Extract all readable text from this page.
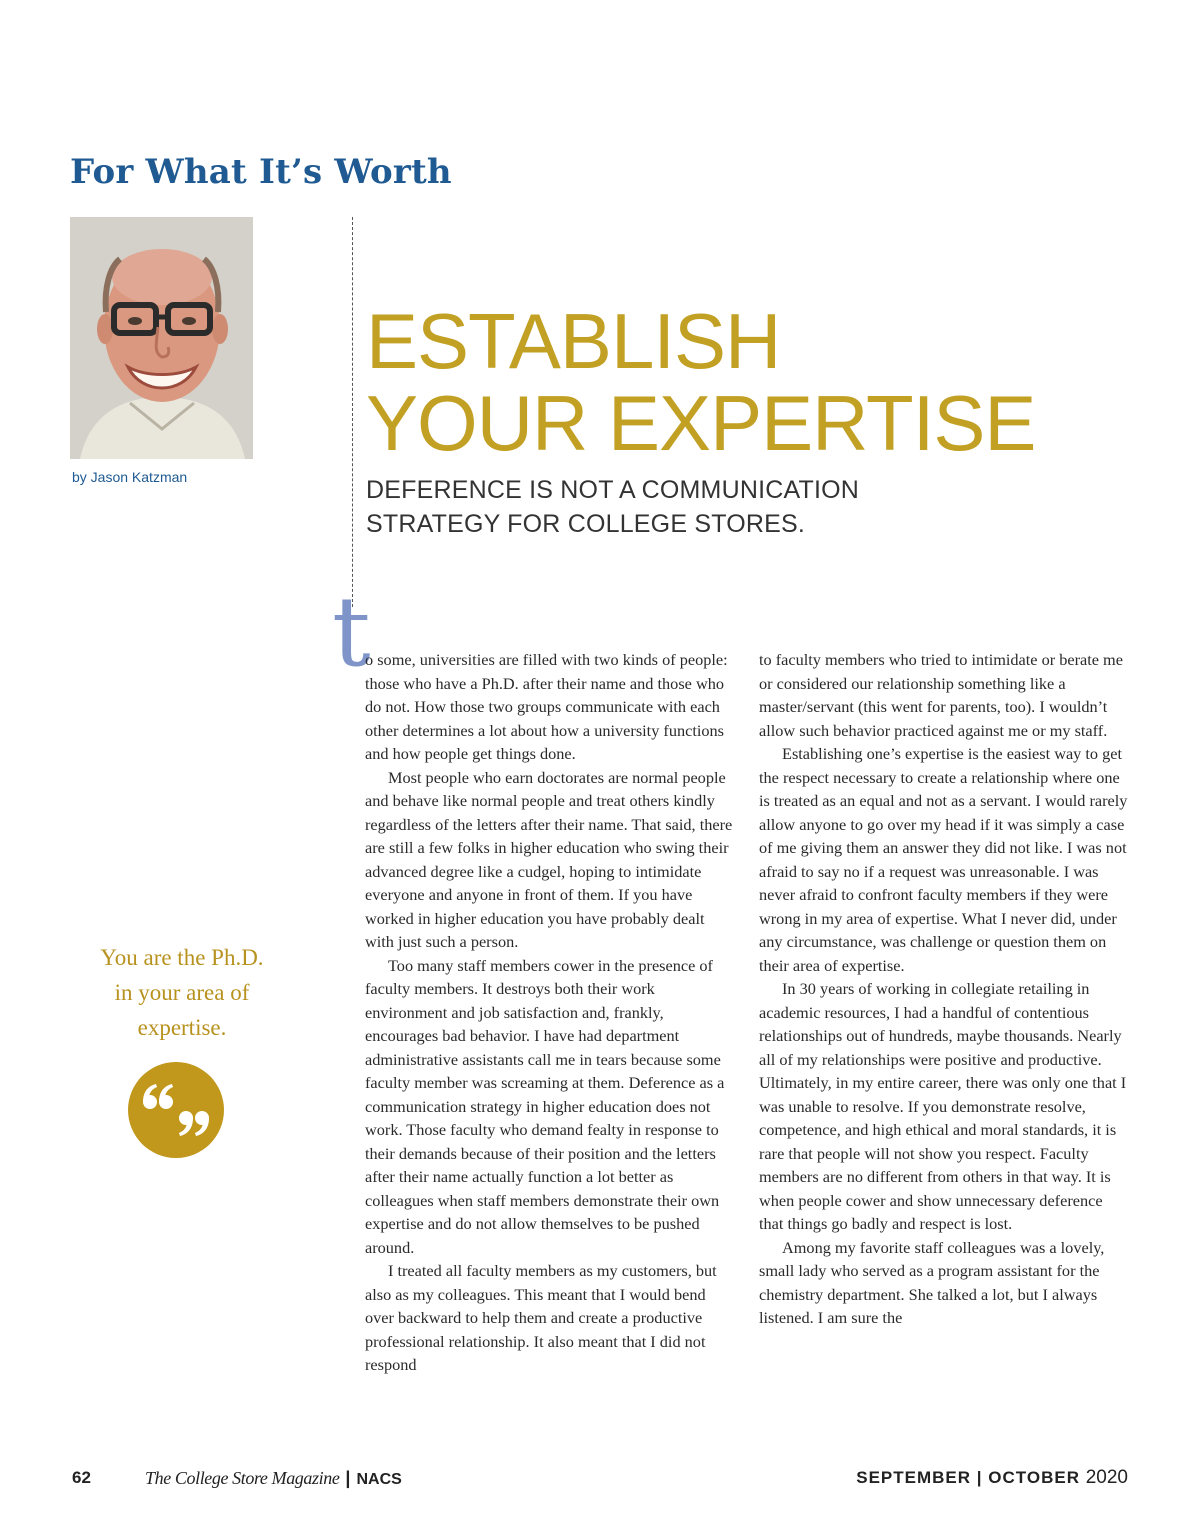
For What It’s Worth
by Jason Katzman
ESTABLISH
YOUR EXPERTISE
DEFERENCE IS NOT A COMMUNICATION
STRATEGY FOR COLLEGE STORES.
t

o some, universities are filled with two kinds of people: those who have a Ph.D. after their name and those who do not. How those two groups communicate with each other determines a lot about how a university functions and how people get things done.

Most people who earn doctorates are normal people and behave like normal people and treat others kindly regardless of the letters after their name. That said, there are still a few folks in higher education who swing their advanced degree like a cudgel, hoping to intimidate everyone and anyone in front of them. If you have worked in higher education you have probably dealt with just such a person.

Too many staff members cower in the presence of faculty members. It destroys both their work environment and job satisfaction and, frankly, encourages bad behavior. I have had department administrative assistants call me in tears because some faculty member was screaming at them. Deference as a communication strategy in higher education does not work. Those faculty who demand fealty in response to their demands because of their position and the letters after their name actually function a lot better as colleagues when staff members demonstrate their own expertise and do not allow themselves to be pushed around.

I treated all faculty members as my customers, but also as my colleagues. This meant that I would bend over backward to help them and create a productive professional relationship. It also meant that I did not respond

to faculty members who tried to intimidate or berate me or considered our relationship something like a master/servant (this went for parents, too). I wouldn’t allow such behavior practiced against me or my staff.

Establishing one’s expertise is the easiest way to get the respect necessary to create a relationship where one is treated as an equal and not as a servant. I would rarely allow anyone to go over my head if it was simply a case of me giving them an answer they did not like. I was not afraid to say no if a request was unreasonable. I was never afraid to confront faculty members if they were wrong in my area of expertise. What I never did, under any circumstance, was challenge or question them on their area of expertise.

In 30 years of working in collegiate retailing in academic resources, I had a handful of contentious relationships out of hundreds, maybe thousands. Nearly all of my relationships were positive and productive. Ultimately, in my entire career, there was only one that I was unable to resolve. If you demonstrate resolve, competence, and high ethical and moral standards, it is rare that people will not show you respect. Faculty members are no different from others in that way. It is when people cower and show unnecessary deference that things go badly and respect is lost.

Among my favorite staff colleagues was a lovely, small lady who served as a program assistant for the chemistry department. She talked a lot, but I always listened. I am sure the

You are the Ph.D.
in your area of
expertise.
62	The College Store Magazine | NACS	SEPTEMBER | OCTOBER 2020
